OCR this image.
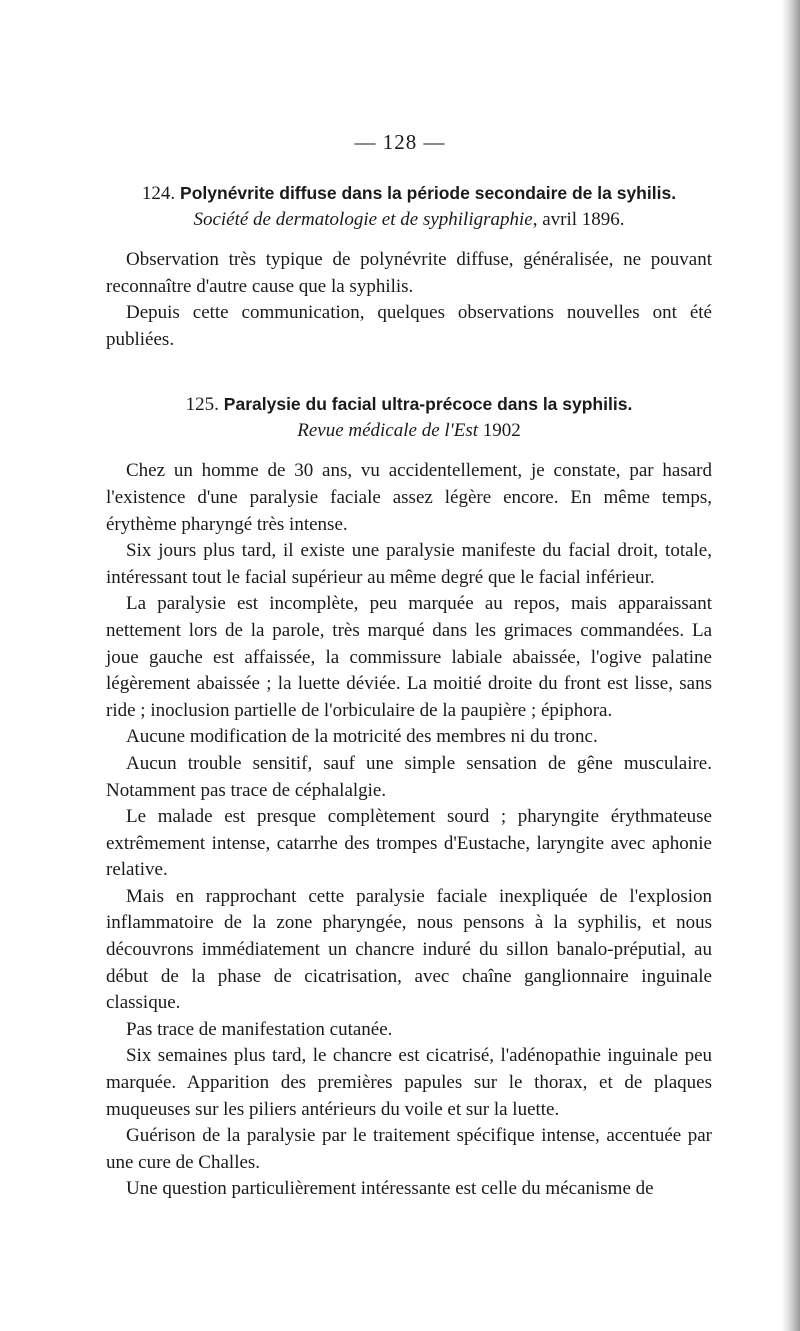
— 128 —
124. Polynévrite diffuse dans la période secondaire de la syhilis.
Société de dermatologie et de syphiligraphie, avril 1896.

Observation très typique de polynévrite diffuse, généralisée, ne pouvant reconnaître d'autre cause que la syphilis.

Depuis cette communication, quelques observations nouvelles ont été publiées.

125. Paralysie du facial ultra-précoce dans la syphilis.
Revue médicale de l'Est 1902

Chez un homme de 30 ans, vu accidentellement, je constate, par hasard l'existence d'une paralysie faciale assez légère encore. En même temps, érythème pharyngé très intense.

Six jours plus tard, il existe une paralysie manifeste du facial droit, totale, intéressant tout le facial supérieur au même degré que le facial inférieur.

La paralysie est incomplète, peu marquée au repos, mais apparaissant nettement lors de la parole, très marqué dans les grimaces commandées. La joue gauche est affaissée, la commissure labiale abaissée, l'ogive palatine légèrement abaissée ; la luette déviée. La moitié droite du front est lisse, sans ride ; inoclusion partielle de l'orbiculaire de la paupière ; épiphora.

Aucune modification de la motricité des membres ni du tronc.

Aucun trouble sensitif, sauf une simple sensation de gêne musculaire. Notamment pas trace de céphalalgie.

Le malade est presque complètement sourd ; pharyngite érythmateuse extrêmement intense, catarrhe des trompes d'Eustache, laryngite avec aphonie relative.

Mais en rapprochant cette paralysie faciale inexpliquée de l'explosion inflammatoire de la zone pharyngée, nous pensons à la syphilis, et nous découvrons immédiatement un chancre induré du sillon banalo-préputial, au début de la phase de cicatrisation, avec chaîne ganglionnaire inguinale classique.

Pas trace de manifestation cutanée.

Six semaines plus tard, le chancre est cicatrisé, l'adénopathie inguinale peu marquée. Apparition des premières papules sur le thorax, et de plaques muqueuses sur les piliers antérieurs du voile et sur la luette.

Guérison de la paralysie par le traitement spécifique intense, accentuée par une cure de Challes.

Une question particulièrement intéressante est celle du mécanisme de
